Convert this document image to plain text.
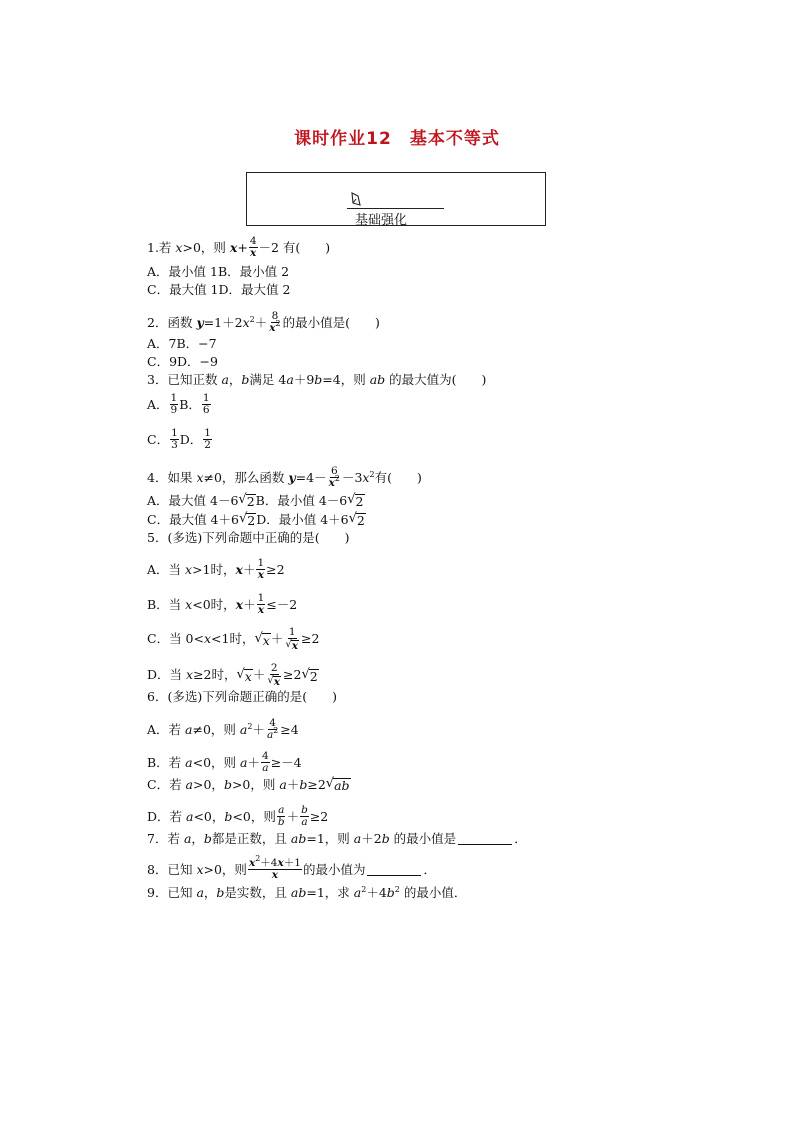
课时作业12　基本不等式
基础强化
1.若 x>0，则 $x+ \frac{4}{x} -2$ 有(　　)
A．最小值 1B．最小值 2
C．最大值 1D．最大值 2
2．函数 $y=1+2x^2+ 8$
$x^2$ 的最小值是(　　)
A．7B．−7
C．9D．−9
3．已知正数 a，b满足 4a＋9b=4，则 ab 的最大值为(　　)
A． 1
9 B． 1
6
C． 1
3 D． 1
2
4．如果 x≠0，那么函数 y=4－ 6
$x^2 -3x^2$有(　　)
A．最大值 4－6 √ 2 B．最小值 4－6 √ 2
C．最大值 4＋6 √ 2 D．最小值 4＋6 √ 2
5．(多选)下列命题中正确的是(　　)
A．当 x>1时，$x+ \frac{1}{x} \ge 2$
B．当 x<0时，$x+ \frac{1}{x} \le-2$
C．当 0<x<1时， √ $x + \frac{1}{√ x} \ge 2$
D．当 x≥2时， √ $x + \frac{2}{√ x} \ge 2$ √ 2
6．(多选)下列命题正确的是(　　)
A．若 a≠0，则 $a^2+ \frac{4}{a^2} \ge 4$
B．若 a<0，则 $a+ \frac{4}{a} \ge-4$
C．若 a>0，b>0，则 a＋b≥2 √ ab
D．若 a<0，b<0，则 a
$b + \frac{b}{a} \ge 2$
7．若 a，b都是正数，且 ab=1，则 a＋2b 的最小值是	．
8．已知 x>0，则 $x^2+4x+1$
x 的最小值为	．
9．已知 a，b是实数，且 ab=1，求 $a^2+4b^2$ 的最小值．
